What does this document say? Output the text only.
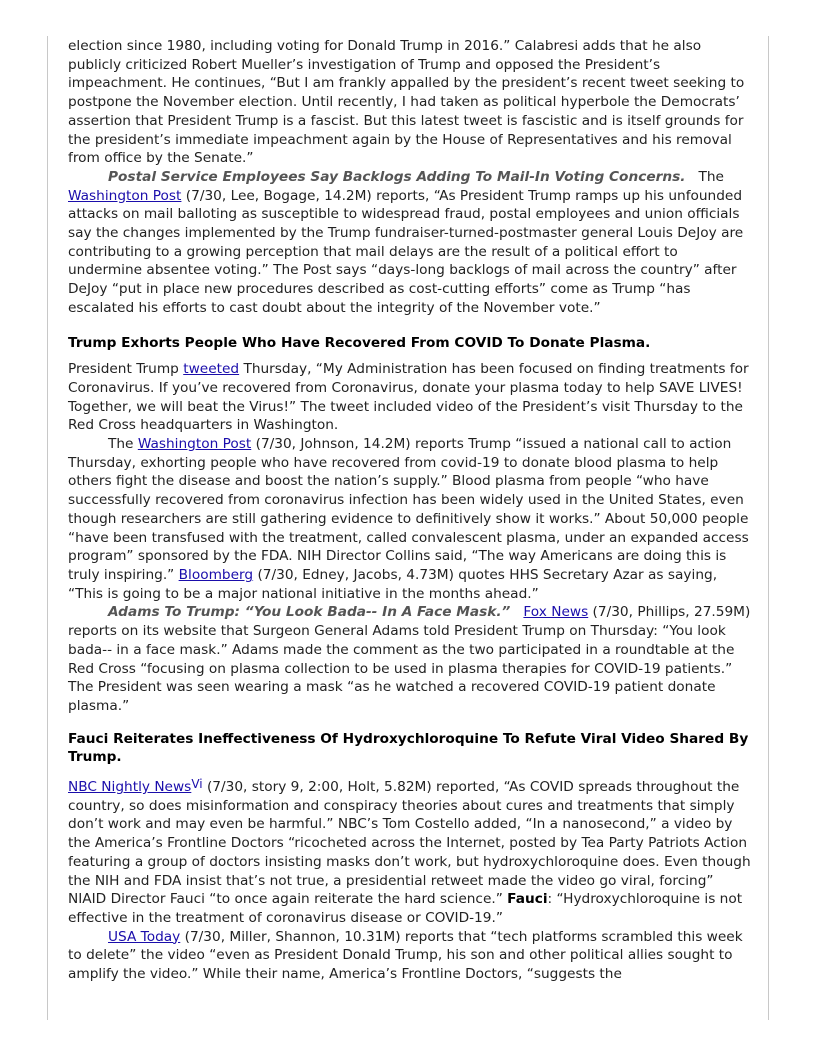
election since 1980, including voting for Donald Trump in 2016.” Calabresi adds that he also publicly criticized Robert Mueller’s investigation of Trump and opposed the President’s impeachment. He continues, “But I am frankly appalled by the president’s recent tweet seeking to postpone the November election. Until recently, I had taken as political hyperbole the Democrats’ assertion that President Trump is a fascist. But this latest tweet is fascistic and is itself grounds for the president’s immediate impeachment again by the House of Representatives and his removal from office by the Senate.”

Postal Service Employees Say Backlogs Adding To Mail-In Voting Concerns. The Washington Post (7/30, Lee, Bogage, 14.2M) reports, “As President Trump ramps up his unfounded attacks on mail balloting as susceptible to widespread fraud, postal employees and union officials say the changes implemented by the Trump fundraiser-turned-postmaster general Louis DeJoy are contributing to a growing perception that mail delays are the result of a political effort to undermine absentee voting.” The Post says “days-long backlogs of mail across the country” after DeJoy “put in place new procedures described as cost-cutting efforts” come as Trump “has escalated his efforts to cast doubt about the integrity of the November vote.”

Trump Exhorts People Who Have Recovered From COVID To Donate Plasma.

President Trump tweeted Thursday, “My Administration has been focused on finding treatments for Coronavirus. If you’ve recovered from Coronavirus, donate your plasma today to help SAVE LIVES! Together, we will beat the Virus!” The tweet included video of the President’s visit Thursday to the Red Cross headquarters in Washington.

The Washington Post (7/30, Johnson, 14.2M) reports Trump “issued a national call to action Thursday, exhorting people who have recovered from covid-19 to donate blood plasma to help others fight the disease and boost the nation’s supply.” Blood plasma from people “who have successfully recovered from coronavirus infection has been widely used in the United States, even though researchers are still gathering evidence to definitively show it works.” About 50,000 people “have been transfused with the treatment, called convalescent plasma, under an expanded access program” sponsored by the FDA. NIH Director Collins said, “The way Americans are doing this is truly inspiring.” Bloomberg (7/30, Edney, Jacobs, 4.73M) quotes HHS Secretary Azar as saying, “This is going to be a major national initiative in the months ahead.”

Adams To Trump: “You Look Bada-- In A Face Mask.” Fox News (7/30, Phillips, 27.59M) reports on its website that Surgeon General Adams told President Trump on Thursday: “You look bada-- in a face mask.” Adams made the comment as the two participated in a roundtable at the Red Cross “focusing on plasma collection to be used in plasma therapies for COVID-19 patients.” The President was seen wearing a mask “as he watched a recovered COVID-19 patient donate plasma.”

Fauci Reiterates Ineffectiveness Of Hydroxychloroquine To Refute Viral Video Shared By Trump.

NBC Nightly News$^{Vi}$ (7/30, story 9, 2:00, Holt, 5.82M) reported, “As COVID spreads throughout the country, so does misinformation and conspiracy theories about cures and treatments that simply don’t work and may even be harmful.” NBC’s Tom Costello added, “In a nanosecond,” a video by the America’s Frontline Doctors “ricocheted across the Internet, posted by Tea Party Patriots Action featuring a group of doctors insisting masks don’t work, but hydroxychloroquine does. Even though the NIH and FDA insist that’s not true, a presidential retweet made the video go viral, forcing” NIAID Director Fauci “to once again reiterate the hard science.” Fauci: “Hydroxychloroquine is not effective in the treatment of coronavirus disease or COVID-19.”

USA Today (7/30, Miller, Shannon, 10.31M) reports that “tech platforms scrambled this week to delete” the video “even as President Donald Trump, his son and other political allies sought to amplify the video.” While their name, America’s Frontline Doctors, “suggests the
